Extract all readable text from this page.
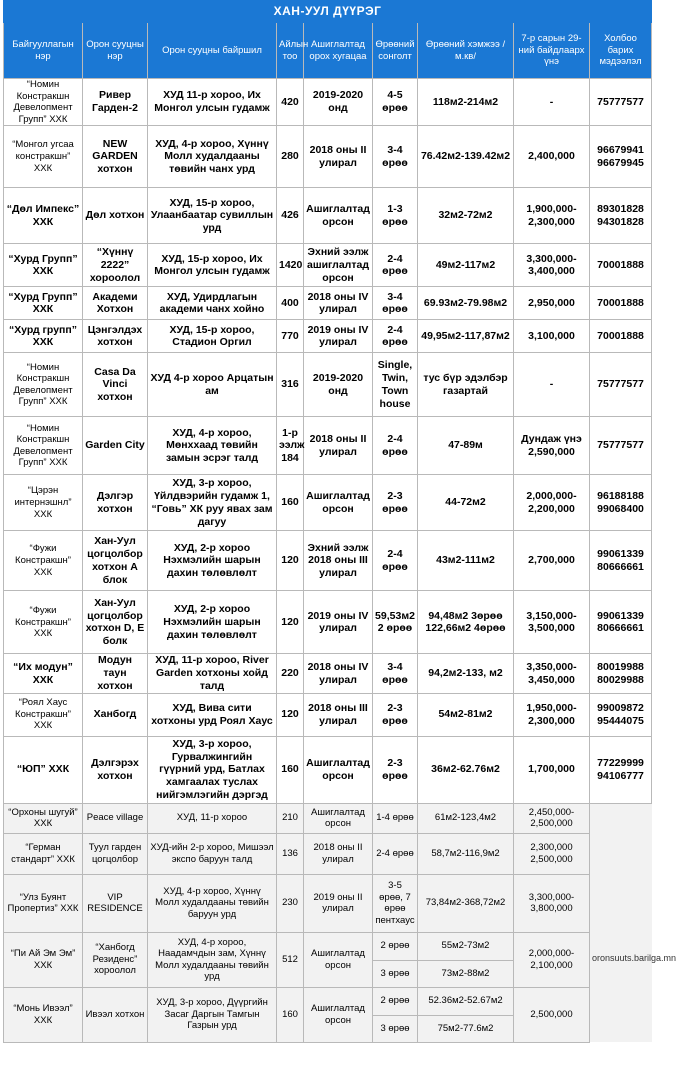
ХАН-УУЛ ДҮҮРЭГ								
Байгууллагын нэр	Орон сууцны нэр	Орон сууцны байршил	Айлын тоо	Ашиглалтад орох хугацаа	Өрөөний сонголт	Өрөөний хэмжээ /м.кв/	7-р сарын 29-ний байдлаарх үнэ	Холбоо барих мэдээлэл
“Номин Констракшн Девелопмент Групп” ХХК	Ривер Гарден-2	ХУД 11-р хороо, Их Монгол улсын гудамж	420	2019-2020 онд	4-5 өрөө	118м2-214м2	-	75777577
“Монгол угсаа констракшн” ХХК	NEW GARDEN хотхон	ХУД, 4-р хороо, Хүннү Молл худалдааны төвийн чанх урд	280	2018 оны II улирал	3-4 өрөө	76.42м2-139.42м2	2,400,000	96679941 96679945
“Дөл Импекс” ХХК	Дөл хотхон	ХУД, 15-р хороо, Улаанбаатар сувиллын урд	426	Ашиглалтад орсон	1-3 өрөө	32м2-72м2	1,900,000-2,300,000	89301828 94301828
“Хурд Групп” ХХК	“Хүннү 2222” хороолол	ХУД, 15-р хороо, Их Монгол улсын гудамж	1420	Эхний ээлж ашиглалтад орсон	2-4 өрөө	49м2-117м2	3,300,000-3,400,000	70001888
“Хурд Групп” ХХК	Академи Хотхон	ХУД, Удирдлагын академи чанх хойно	400	2018 оны IV улирал	3-4 өрөө	69.93м2-79.98м2	2,950,000	70001888
“Хурд групп” ХХК	Цэнгэлдэх хотхон	ХУД, 15-р хороо, Стадион Оргил	770	2019 оны IV улирал	2-4 өрөө	49,95м2-117,87м2	3,100,000	70001888
“Номин Констракшн Девелопмент Групп” ХХК	Casa Da Vinci хотхон	ХУД 4-р хороо Арцатын ам	316	2019-2020 онд	Single, Twin, Town house	тус бүр эдэлбэр газартай	-	75777577
“Номин Констракшн Девелопмент Групп” ХХК	Garden City	ХУД, 4-р хороо, Мөнххаад төвийн замын эсрэг талд	1-р ээлж 184	2018 оны II улирал	2-4 өрөө	47-89м	Дундаж үнэ 2,590,000	75777577
“Цэрэн интернэшнл” ХХК	Дэлгэр хотхон	ХУД, 3-р хороо, Үйлдвэрийн гудамж 1, “Говь” ХК руу явах зам дагуу	160	Ашиглалтад орсон	2-3 өрөө	44-72м2	2,000,000-2,200,000	96188188 99068400
“Фужи Констракшн” ХХК	Хан-Уул цогцолбор хотхон А блок	ХУД, 2-р хороо Нэхмэлийн шарын дахин төлөвлөлт	120	Эхний ээлж 2018 оны III улирал	2-4 өрөө	43м2-111м2	2,700,000	99061339 80666661
“Фужи Констракшн” ХХК	Хан-Уул цогцолбор хотхон D, E болк	ХУД, 2-р хороо Нэхмэлийн шарын дахин төлөвлөлт	120	2019 оны IV улирал	59,53м2 2 өрөө	94,48м2 3өрөө 122,66м2 4өрөө	3,150,000-3,500,000	99061339 80666661
“Их модун” ХХК	Модун таун хотхон	ХУД, 11-р хороо, River Garden хотхоны хойд талд	220	2018 оны IV улирал	3-4 өрөө	94,2м2-133, м2	3,350,000-3,450,000	80019988 80029988
“Роял Хаус Констракшн” ХХК	Ханбогд	ХУД, Вива сити хотхоны урд Роял Хаус	120	2018 оны III улирал	2-3 өрөө	54м2-81м2	1,950,000-2,300,000	99009872 95444075
“ЮП” ХХК	Дэлгэрэх хотхон	ХУД, 3-р хороо, Гурвалжингийн гүүрний урд, Батлах хамгаалах туслах нийгэмлэгийн дэргэд	160	Ашиглалтад орсон	2-3 өрөө	36м2-62.76м2	1,700,000	77229999 94106777
“Орхоны шугуй” ХХК	Peace village	ХУД, 11-р хороо	210	Ашиглалтад орсон	1-4 өрөө	61м2-123,4м2	2,450,000-2,500,000	
“Герман стандарт” ХХК	Туул гарден цогцолбор	ХУД-ийн 2-р хороо, Мишээл экспо баруун талд	136	2018 оны II улирал	2-4 өрөө	58,7м2-116,9м2	2,300,000 2,500,000	
“Улз Буянт Пропертиз” ХХК	VIP RESIDENCE	ХУД, 4-р хороо, Хүннү Молл худалдааны төвийн баруун урд	230	2019 оны II улирал	3-5 өрөө, 7 өрөө пентхаус	73,84м2-368,72м2	3,300,000-3,800,000	oronsuuts.barilga.mn
“Пи Ай Эм Эм” ХХК	“Ханбогд Резиденс” хороолол	ХУД, 4-р хороо, Наадамчдын зам, Хүннү Молл худалдааны төвийн урд	512	Ашиглалтад орсон	2 өрөө	55м2-73м2	2,000,000-2,100,000	
					3 өрөө	73м2-88м2		
“Монь Ивээл” ХХК	Ивээл хотхон	ХУД, 3-р хороо, Дүүргийн Засаг Даргын Тамгын Газрын урд	160	Ашиглалтад орсон	2 өрөө	52.36м2-52.67м2	2,500,000	
					3 өрөө	75м2-77.6м2		
